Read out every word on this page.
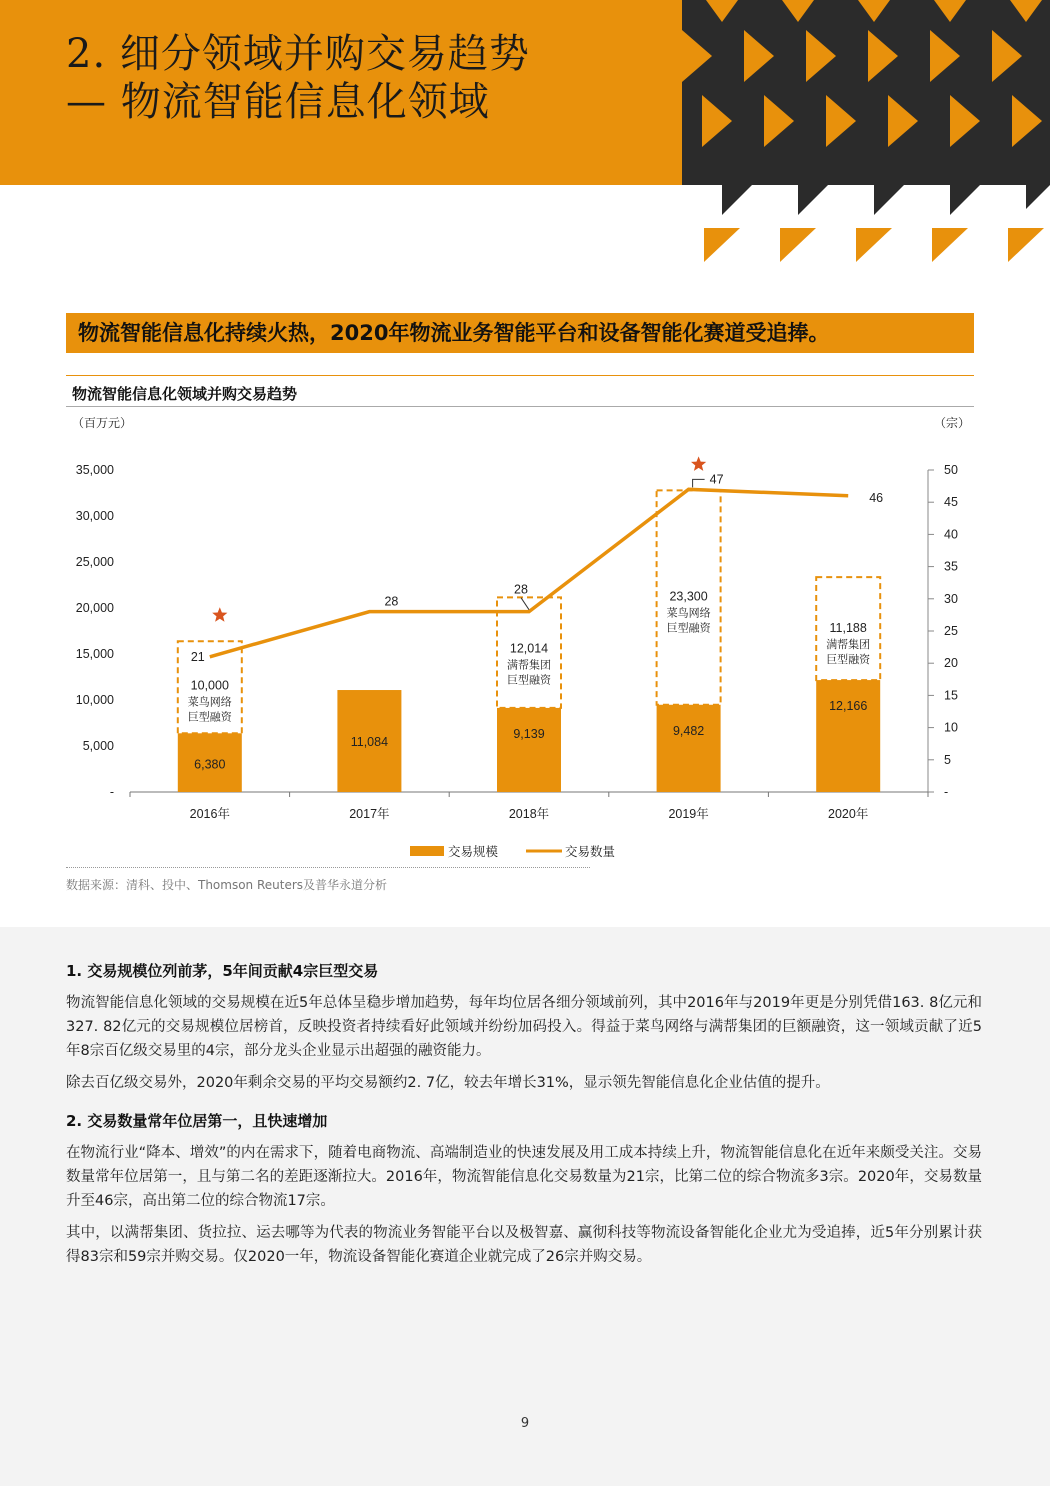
2. 细分领域并购交易趋势
— 物流智能信息化领域
物流智能信息化持续火热，2020年物流业务智能平台和设备智能化赛道受追捧。
物流智能信息化领域并购交易趋势
（百万元）	（宗）
35,000
30,000
25,000
20,000
15,000
10,000
5,000
-
50
45
40
35
30
25
20
15
10
5
-
2016年	2017年	2018年	2019年	2020年
10,000
菜鸟网络
巨型融资
12,014
满帮集团
巨型融资
23,300
菜鸟网络
巨型融资	11,188
满帮集团
巨型融资
6,380
11,084
9,139	9,482
12,166
21
28
28
47
46
交易规模	交易数量
数据来源：清科、投中、Thomson Reuters及普华永道分析

1. 交易规模位列前茅，5年间贡献4宗巨型交易

物流智能信息化领域的交易规模在近5年总体呈稳步增加趋势，每年均位居各细分领域前列，其中2016年与2019年更是分别凭借163. 8亿元和327. 82亿元的交易规模位居榜首，反映投资者持续看好此领域并纷纷加码投入。得益于菜鸟网络与满帮集团的巨额融资，这一领域贡献了近5年8宗百亿级交易里的4宗，部分龙头企业显示出超强的融资能力。

除去百亿级交易外，2020年剩余交易的平均交易额约2. 7亿，较去年增长31%，显示领先智能信息化企业估值的提升。

2. 交易数量常年位居第一，且快速增加

在物流行业“降本、增效”的内在需求下，随着电商物流、高端制造业的快速发展及用工成本持续上升，物流智能信息化在近年来颇受关注。交易数量常年位居第一，且与第二名的差距逐渐拉大。2016年，物流智能信息化交易数量为21宗，比第二位的综合物流多3宗。2020年，交易数量升至46宗，高出第二位的综合物流17宗。

其中，以满帮集团、货拉拉、运去哪等为代表的物流业务智能平台以及极智嘉、赢彻科技等物流设备智能化企业尤为受追捧，近5年分别累计获得83宗和59宗并购交易。仅2020一年，物流设备智能化赛道企业就完成了26宗并购交易。

9
